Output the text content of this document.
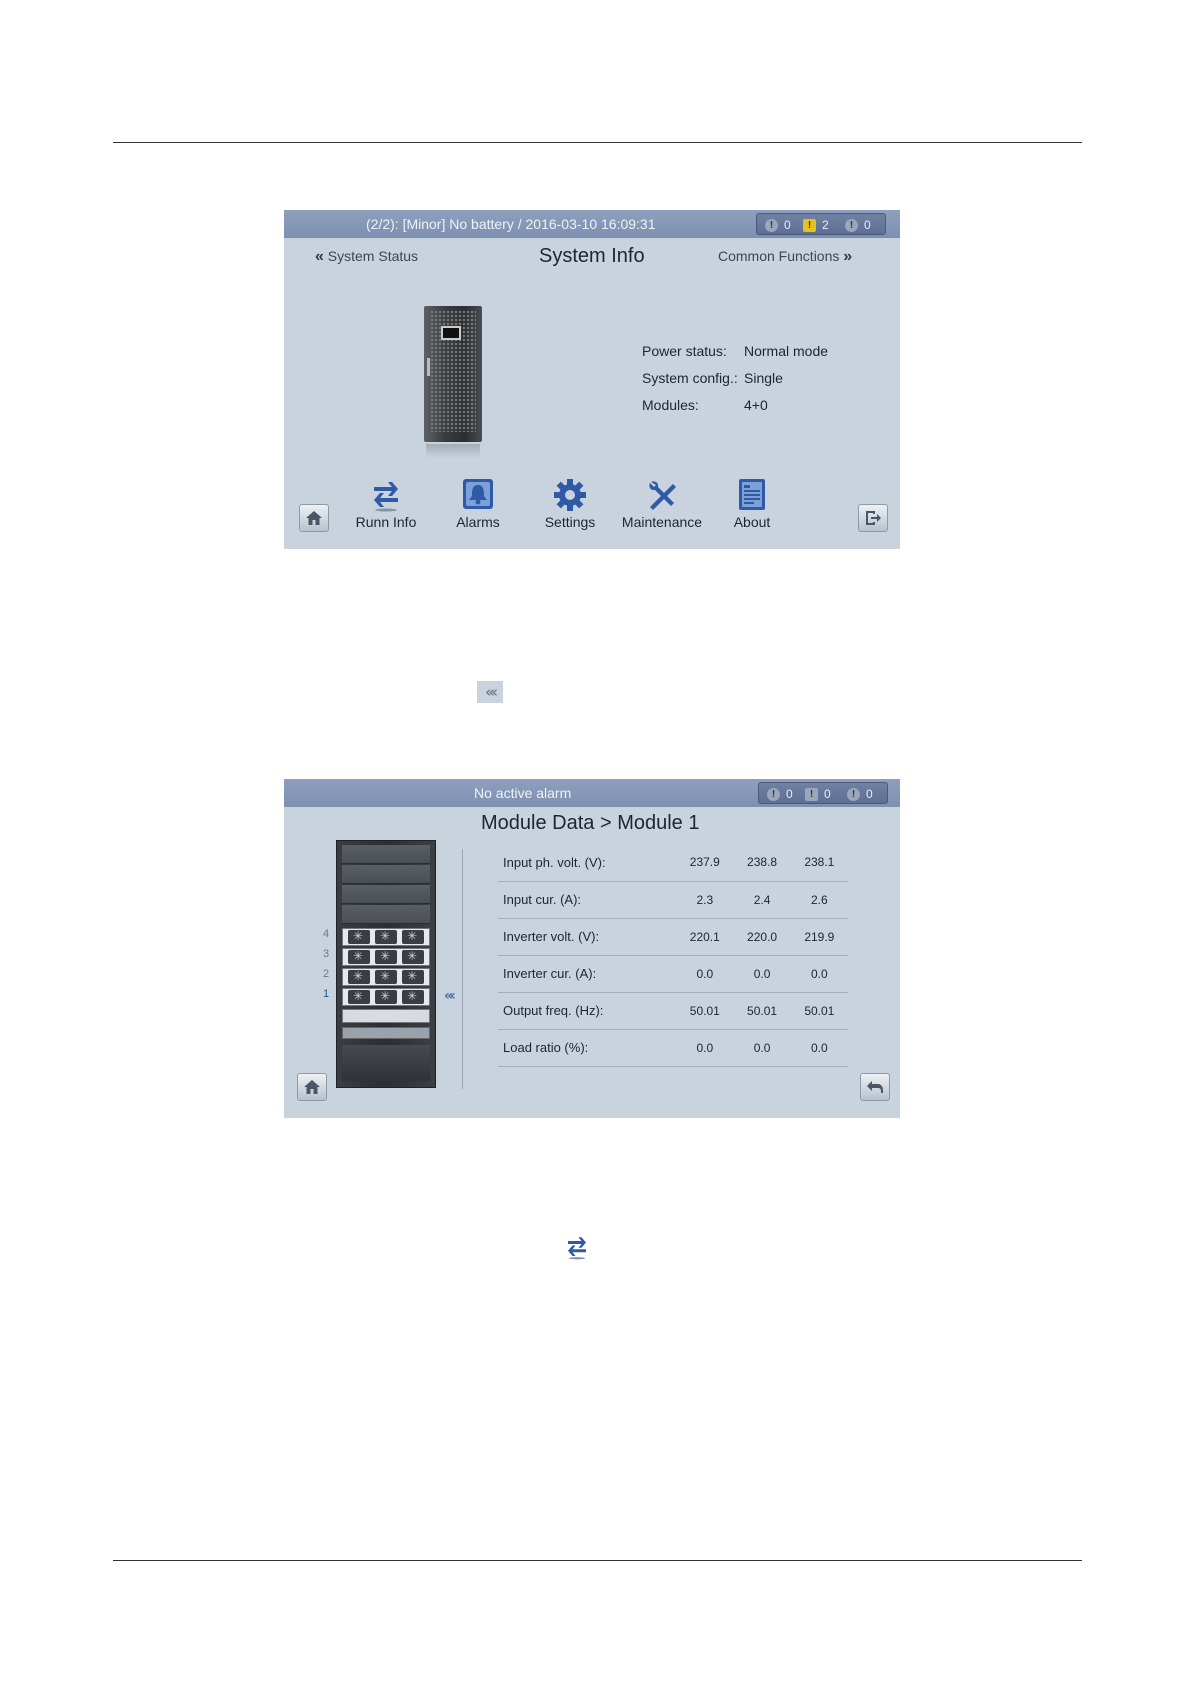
(2/2): [Minor] No battery / 2016-03-10 16:09:31	! 0	! 2	! 0
« System Status	System Info	Common Functions »
Power status: Normal mode
System config.: Single
Modules:	4+0
Runn Info	Alarms	Settings	Maintenance	About
«‹
No active alarm	! 0	! 0	! 0
Module Data > Module 1
✳
✳
✳
✳
✳
✳
✳
✳
✳
✳
✳
✳
4
3
2
1	«‹
Input ph. volt. (V):	237.9	238.8	238.1
Input cur. (A):	2.3	2.4	2.6
Inverter volt. (V):	220.1	220.0	219.9
Inverter cur. (A):	0.0	0.0	0.0
Output freq. (Hz):	50.01	50.01	50.01
Load ratio (%):	0.0	0.0	0.0
